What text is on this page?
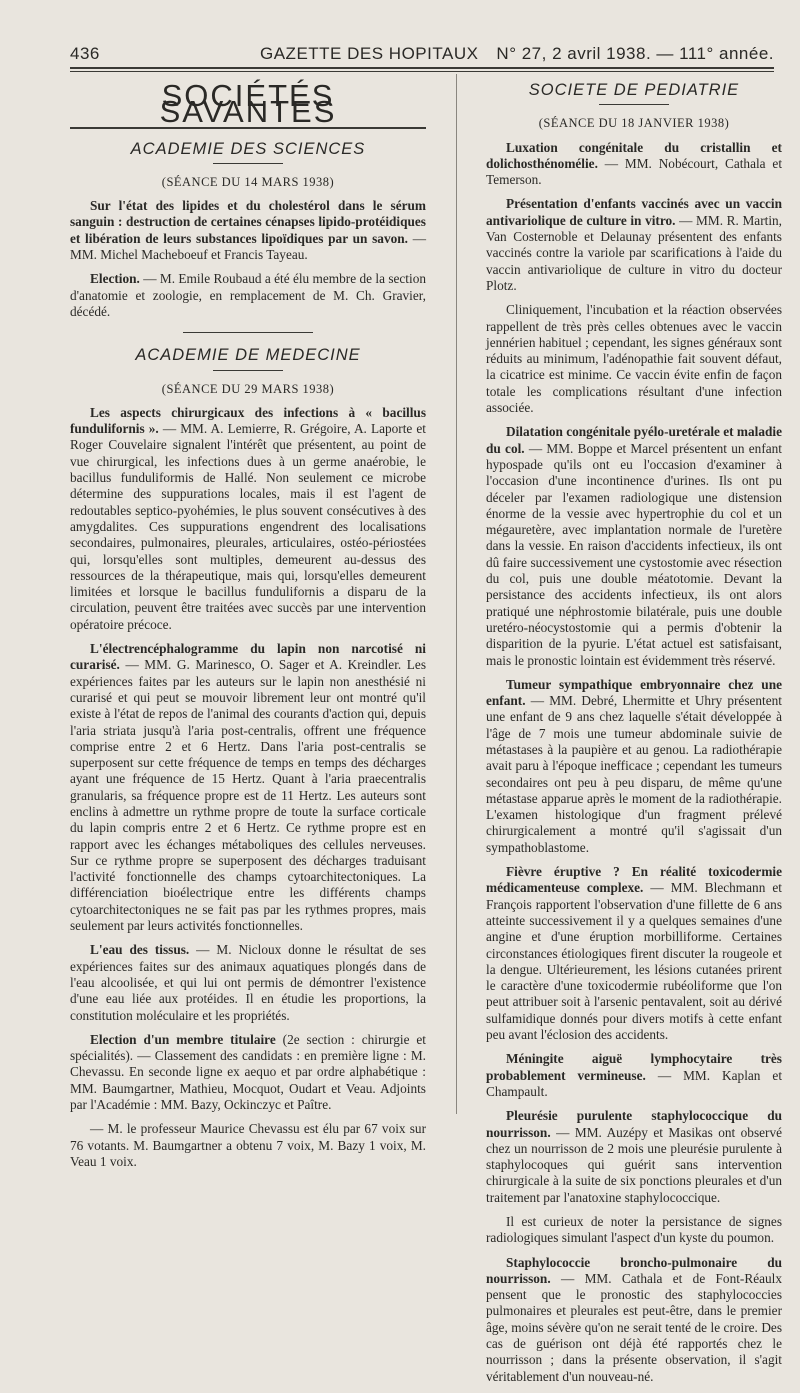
436	GAZETTE DES HOPITAUX N° 27, 2 avril 1938. — 111° année.
SOCIÉTÉS SAVANTES
ACADEMIE DES SCIENCES
(SÉANCE DU 14 MARS 1938)

Sur l'état des lipides et du cholestérol dans le sérum sanguin : destruction de certaines cénapses lipido-protéidiques et libération de leurs substances lipoïdiques par un savon. — MM. Michel Macheboeuf et Francis Tayeau.

Election. — M. Emile Roubaud a été élu membre de la section d'anatomie et zoologie, en remplacement de M. Ch. Gravier, décédé.

ACADEMIE DE MEDECINE
(SÉANCE DU 29 MARS 1938)

Les aspects chirurgicaux des infections à « bacillus fundulifornis ». — MM. A. Lemierre, R. Grégoire, A. Laporte et Roger Couvelaire signalent l'intérêt que présentent, au point de vue chirurgical, les infections dues à un germe anaérobie, le bacillus funduliformis de Hallé. Non seulement ce microbe détermine des suppurations locales, mais il est l'agent de redoutables septico-pyohémies, le plus souvent consécutives à des amygdalites. Ces suppurations engendrent des localisations secondaires, pulmonaires, pleurales, articulaires, ostéo-périostées qui, lorsqu'elles sont multiples, demeurent au-dessus des ressources de la thérapeutique, mais qui, lorsqu'elles demeurent limitées et lorsque le bacillus fundulifornis a disparu de la circulation, peuvent être traitées avec succès par une intervention opératoire précoce.

L'électrencéphalogramme du lapin non narcotisé ni curarisé. — MM. G. Marinesco, O. Sager et A. Kreindler. Les expériences faites par les auteurs sur le lapin non anesthésié ni curarisé et qui peut se mouvoir librement leur ont montré qu'il existe à l'état de repos de l'animal des courants d'action qui, depuis l'aria striata jusqu'à l'aria post-centralis, offrent une fréquence comprise entre 2 et 6 Hertz. Dans l'aria post-centralis se superposent sur cette fréquence de temps en temps des décharges ayant une fréquence de 15 Hertz. Quant à l'aria praecentralis granularis, sa fréquence propre est de 11 Hertz. Les auteurs sont enclins à admettre un rythme propre de toute la surface corticale du lapin compris entre 2 et 6 Hertz. Ce rythme propre est en rapport avec les échanges métaboliques des cellules nerveuses. Sur ce rythme propre se superposent des décharges traduisant l'activité fonctionnelle des champs cytoarchitectoniques. La différenciation bioélectrique entre les différents champs cytoarchitectoniques ne se fait pas par les rythmes propres, mais seulement par leurs activités fonctionnelles.

L'eau des tissus. — M. Nicloux donne le résultat de ses expériences faites sur des animaux aquatiques plongés dans de l'eau alcoolisée, et qui lui ont permis de démontrer l'existence d'une eau liée aux protéides. Il en étudie les proportions, la constitution moléculaire et les propriétés.

Election d'un membre titulaire (2e section : chirurgie et spécialités). — Classement des candidats : en première ligne : M. Chevassu. En seconde ligne ex aequo et par ordre alphabétique : MM. Baumgartner, Mathieu, Mocquot, Oudart et Veau. Adjoints par l'Académie : MM. Bazy, Ockinczyc et Paître.

— M. le professeur Maurice Chevassu est élu par 67 voix sur 76 votants. M. Baumgartner a obtenu 7 voix, M. Bazy 1 voix, M. Veau 1 voix.

SOCIETE DE PEDIATRIE
(SÉANCE DU 18 JANVIER 1938)

Luxation congénitale du cristallin et dolichosthénomélie. — MM. Nobécourt, Cathala et Temerson.

Présentation d'enfants vaccinés avec un vaccin antivariolique de culture in vitro. — MM. R. Martin, Van Costernoble et Delaunay présentent des enfants vaccinés contre la variole par scarifications à l'aide du vaccin antivariolique de culture in vitro du docteur Plotz.

Cliniquement, l'incubation et la réaction observées rappellent de très près celles obtenues avec le vaccin jennérien habituel ; cependant, les signes généraux sont réduits au minimum, l'adénopathie fait souvent défaut, la cicatrice est minime. Ce vaccin évite enfin de façon totale les complications résultant d'une infection associée.

Dilatation congénitale pyélo-uretérale et maladie du col. — MM. Boppe et Marcel présentent un enfant hypospade qu'ils ont eu l'occasion d'examiner à l'occasion d'une incontinence d'urines. Ils ont pu déceler par l'examen radiologique une distension énorme de la vessie avec hypertrophie du col et un mégauretère, avec implantation normale de l'uretère dans la vessie. En raison d'accidents infectieux, ils ont dû faire successivement une cystostomie avec résection du col, puis une double méatotomie. Devant la persistance des accidents infectieux, ils ont alors pratiqué une néphrostomie bilatérale, puis une double uretéro-néocystostomie qui a permis d'obtenir la disparition de la pyurie. L'état actuel est satisfaisant, mais le pronostic lointain est évidemment très réservé.

Tumeur sympathique embryonnaire chez une enfant. — MM. Debré, Lhermitte et Uhry présentent une enfant de 9 ans chez laquelle s'était développée à l'âge de 7 mois une tumeur abdominale suivie de métastases à la paupière et au genou. La radiothérapie avait paru à l'époque inefficace ; cependant les tumeurs secondaires ont peu à peu disparu, de même qu'une métastase apparue après le moment de la radiothérapie. L'examen histologique d'un fragment prélevé chirurgicalement a montré qu'il s'agissait d'un sympathoblastome.

Fièvre éruptive ? En réalité toxicodermie médicamenteuse complexe. — MM. Blechmann et François rapportent l'observation d'une fillette de 6 ans atteinte successivement il y a quelques semaines d'une angine et d'une éruption morbilliforme. Certaines circonstances étiologiques firent discuter la rougeole et la dengue. Ultérieurement, les lésions cutanées prirent le caractère d'une toxicodermie rubéoliforme que l'on peut attribuer soit à l'arsenic pentavalent, soit au dérivé sulfamidique donnés pour divers motifs à cette enfant peu avant l'éclosion des accidents.

Méningite aiguë lymphocytaire très probablement vermineuse. — MM. Kaplan et Champault.

Pleurésie purulente staphylococcique du nourrisson. — MM. Auzépy et Masikas ont observé chez un nourrisson de 2 mois une pleurésie purulente à staphylocoques qui guérit sans intervention chirurgicale à la suite de six ponctions pleurales et d'un traitement par l'anatoxine staphylococcique.

Il est curieux de noter la persistance de signes radiologiques simulant l'aspect d'un kyste du poumon.

Staphylococcie broncho-pulmonaire du nourrisson. — MM. Cathala et de Font-Réaulx pensent que le pronostic des staphylococcies pulmonaires et pleurales est peut-être, dans le premier âge, moins sévère qu'on ne serait tenté de le croire. Des cas de guérison ont déjà été rapportés chez le nourrisson ; dans la présente observation, il s'agit véritablement d'un nouveau-né.
